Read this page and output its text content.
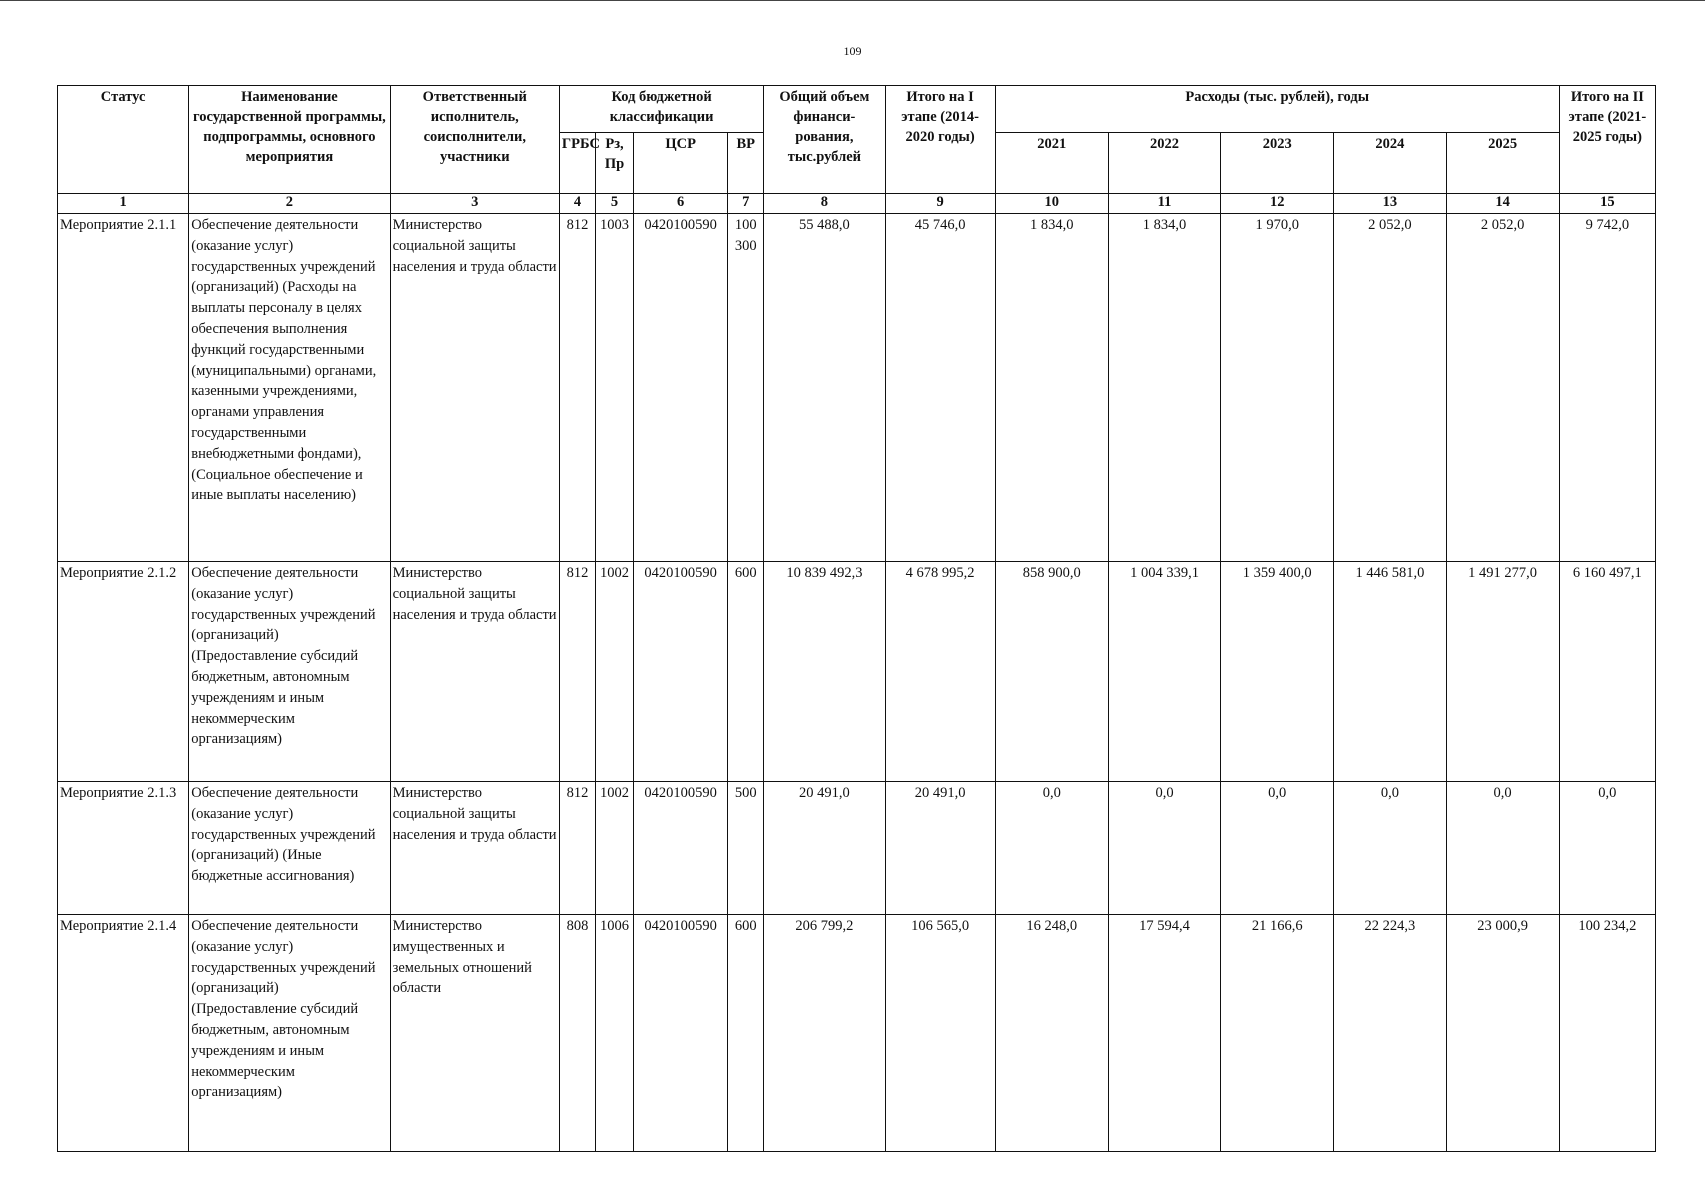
109
Статус	Наименование государственной программы, подпрограммы, основного мероприятия	Ответственный исполнитель, соисполнители, участники	Код бюджетной классификации				Общий объем финанси-рования, тыс.рублей	Итого на I этапе (2014-2020 годы)	Расходы (тыс. рублей), годы					Итого на II этапе (2021-2025 годы)
			ГРБС	Рз, Пр	ЦСР	ВР			2021	2022	2023	2024	2025	
1	2	3	4	5	6	7	8	9	10	11	12	13	14	15
Мероприятие 2.1.1	Обеспечение деятельности (оказание услуг) государственных учреждений (организаций) (Расходы на выплаты персоналу в целях обеспечения выполнения функций государственными (муниципальными) органами, казенными учреждениями, органами управления государственными внебюджетными фондами), (Социальное обеспечение и иные выплаты населению)	Министерство социальной защиты населения и труда области	812	1003	0420100590	100 300	55 488,0	45 746,0	1 834,0	1 834,0	1 970,0	2 052,0	2 052,0	9 742,0
Мероприятие 2.1.2	Обеспечение деятельности (оказание услуг) государственных учреждений (организаций) (Предоставление субсидий бюджетным, автономным учреждениям и иным некоммерческим организациям)	Министерство социальной защиты населения и труда области	812	1002	0420100590	600	10 839 492,3	4 678 995,2	858 900,0	1 004 339,1	1 359 400,0	1 446 581,0	1 491 277,0	6 160 497,1
Мероприятие 2.1.3	Обеспечение деятельности (оказание услуг) государственных учреждений (организаций) (Иные бюджетные ассигнования)	Министерство социальной защиты населения и труда области	812	1002	0420100590	500	20 491,0	20 491,0	0,0	0,0	0,0	0,0	0,0	0,0
Мероприятие 2.1.4	Обеспечение деятельности (оказание услуг) государственных учреждений (организаций) (Предоставление субсидий бюджетным, автономным учреждениям и иным некоммерческим организациям)	Министерство имущественных и земельных отношений области	808	1006	0420100590	600	206 799,2	106 565,0	16 248,0	17 594,4	21 166,6	22 224,3	23 000,9	100 234,2
